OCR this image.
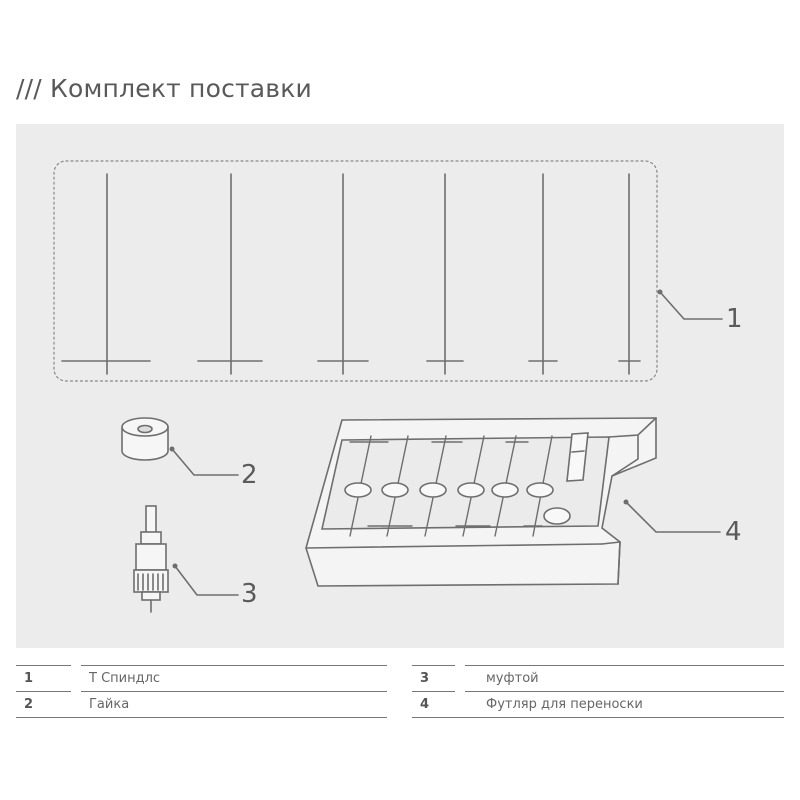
/// Комплект поставки
1
2
3
4
1	Т Спиндлс
2	Гайка
3	муфтой
4	Футляр для переноски
